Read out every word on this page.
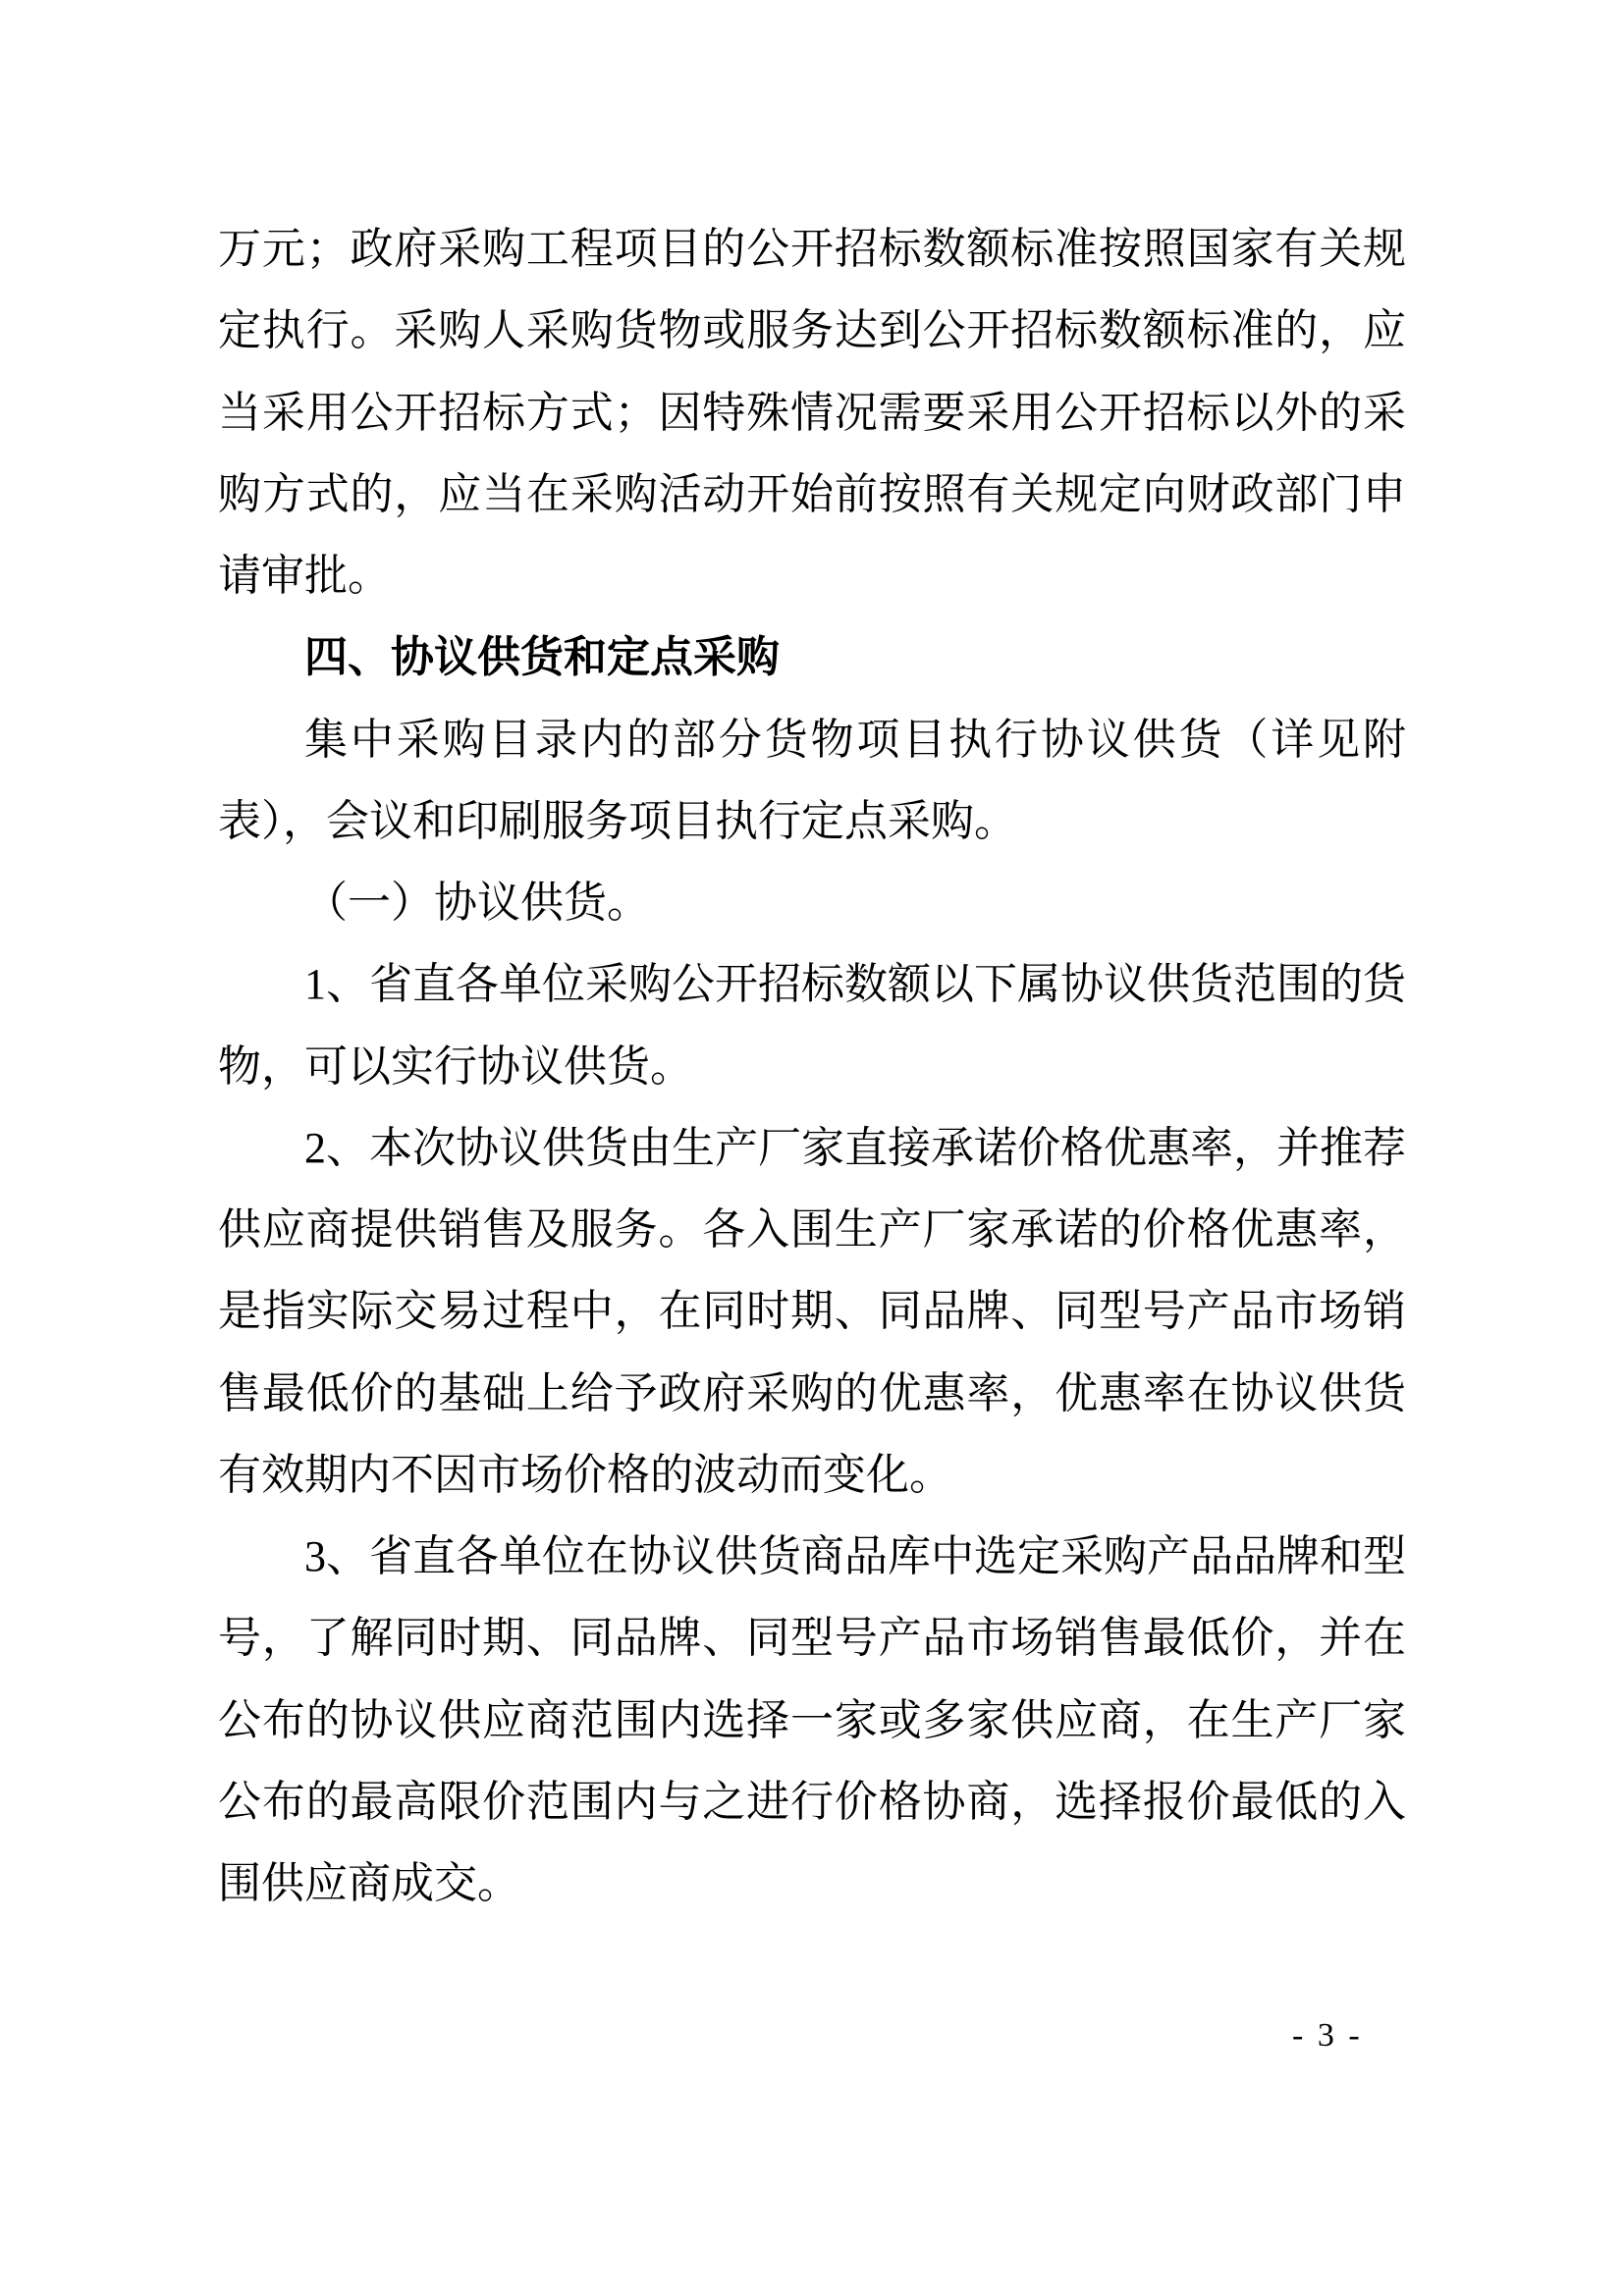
万元；政府采购工程项目的公开招标数额标准按照国家有关规
定执行。采购人采购货物或服务达到公开招标数额标准的，应
当采用公开招标方式；因特殊情况需要采用公开招标以外的采
购方式的，应当在采购活动开始前按照有关规定向财政部门申
请审批。
四、协议供货和定点采购
集中采购目录内的部分货物项目执行协议供货（详见附
表），会议和印刷服务项目执行定点采购。
（一）协议供货。
1、省直各单位采购公开招标数额以下属协议供货范围的货
物，可以实行协议供货。
2、本次协议供货由生产厂家直接承诺价格优惠率，并推荐
供应商提供销售及服务。各入围生产厂家承诺的价格优惠率，
是指实际交易过程中，在同时期、同品牌、同型号产品市场销
售最低价的基础上给予政府采购的优惠率，优惠率在协议供货
有效期内不因市场价格的波动而变化。
3、省直各单位在协议供货商品库中选定采购产品品牌和型
号，了解同时期、同品牌、同型号产品市场销售最低价，并在
公布的协议供应商范围内选择一家或多家供应商，在生产厂家
公布的最高限价范围内与之进行价格协商，选择报价最低的入
围供应商成交。
- 3 -
